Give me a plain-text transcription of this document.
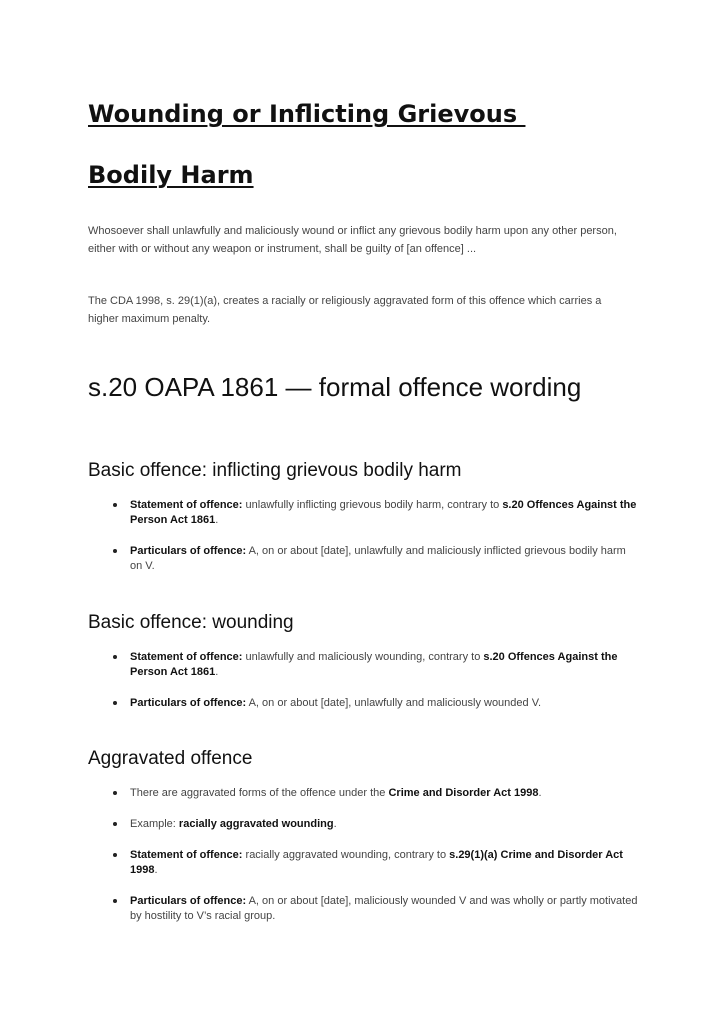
Wounding or Inflicting Grievous
Bodily Harm

Whosoever shall unlawfully and maliciously wound or inflict any grievous bodily harm upon any other person, either with or without any weapon or instrument, shall be guilty of [an offence] ...

The CDA 1998, s. 29(1)(a), creates a racially or religiously aggravated form of this offence which carries a higher maximum penalty.

s.20 OAPA 1861 — formal offence wording
Basic offence: inflicting grievous bodily harm
Statement of offence: unlawfully inflicting grievous bodily harm, contrary to s.20 Offences Against the Person Act 1861.
Particulars of offence: A, on or about [date], unlawfully and maliciously inflicted grievous bodily harm on V.
Basic offence: wounding
Statement of offence: unlawfully and maliciously wounding, contrary to s.20 Offences Against the Person Act 1861.
Particulars of offence: A, on or about [date], unlawfully and maliciously wounded V.
Aggravated offence
There are aggravated forms of the offence under the Crime and Disorder Act 1998.
Example: racially aggravated wounding.
Statement of offence: racially aggravated wounding, contrary to s.29(1)(a) Crime and Disorder Act 1998.
Particulars of offence: A, on or about [date], maliciously wounded V and was wholly or partly motivated by hostility to V’s racial group.
